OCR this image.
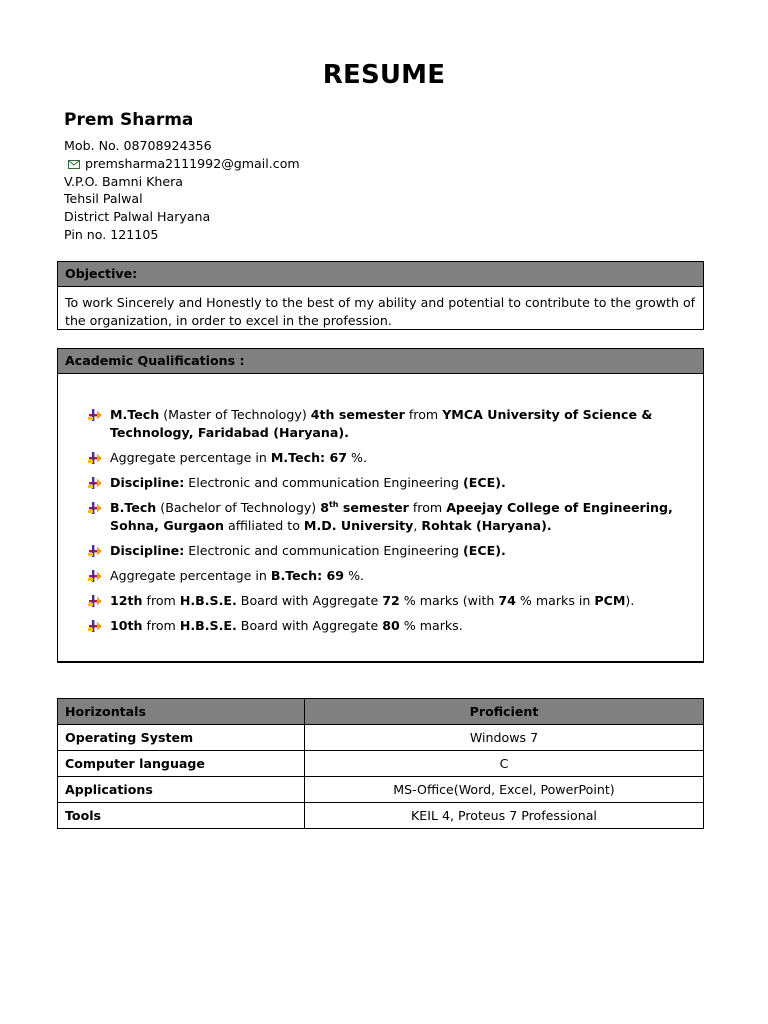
RESUME
Prem Sharma
Mob. No. 08708924356
premsharma2111992@gmail.com
V.P.O. Bamni Khera
Tehsil Palwal
District Palwal Haryana
Pin no. 121105
Objective:
To work Sincerely and Honestly to the best of my ability and potential to contribute to the growth of the organization, in order to excel in the profession.
Academic Qualifications :
M.Tech (Master of Technology) 4th semester from YMCA University of Science & Technology, Faridabad (Haryana).
Aggregate percentage in M.Tech: 67 %.
Discipline: Electronic and communication Engineering (ECE).
B.Tech (Bachelor of Technology) 8th semester from Apeejay College of Engineering, Sohna, Gurgaon affiliated to M.D. University, Rohtak (Haryana).
Discipline: Electronic and communication Engineering (ECE).
Aggregate percentage in B.Tech: 69 %.
12th from H.B.S.E. Board with Aggregate 72 % marks (with 74 % marks in PCM).
10th from H.B.S.E. Board with Aggregate 80 % marks.
Horizontals	Proficient
Operating System	Windows 7
Computer language	C
Applications	MS-Office(Word, Excel, PowerPoint)
Tools	KEIL 4, Proteus 7 Professional
